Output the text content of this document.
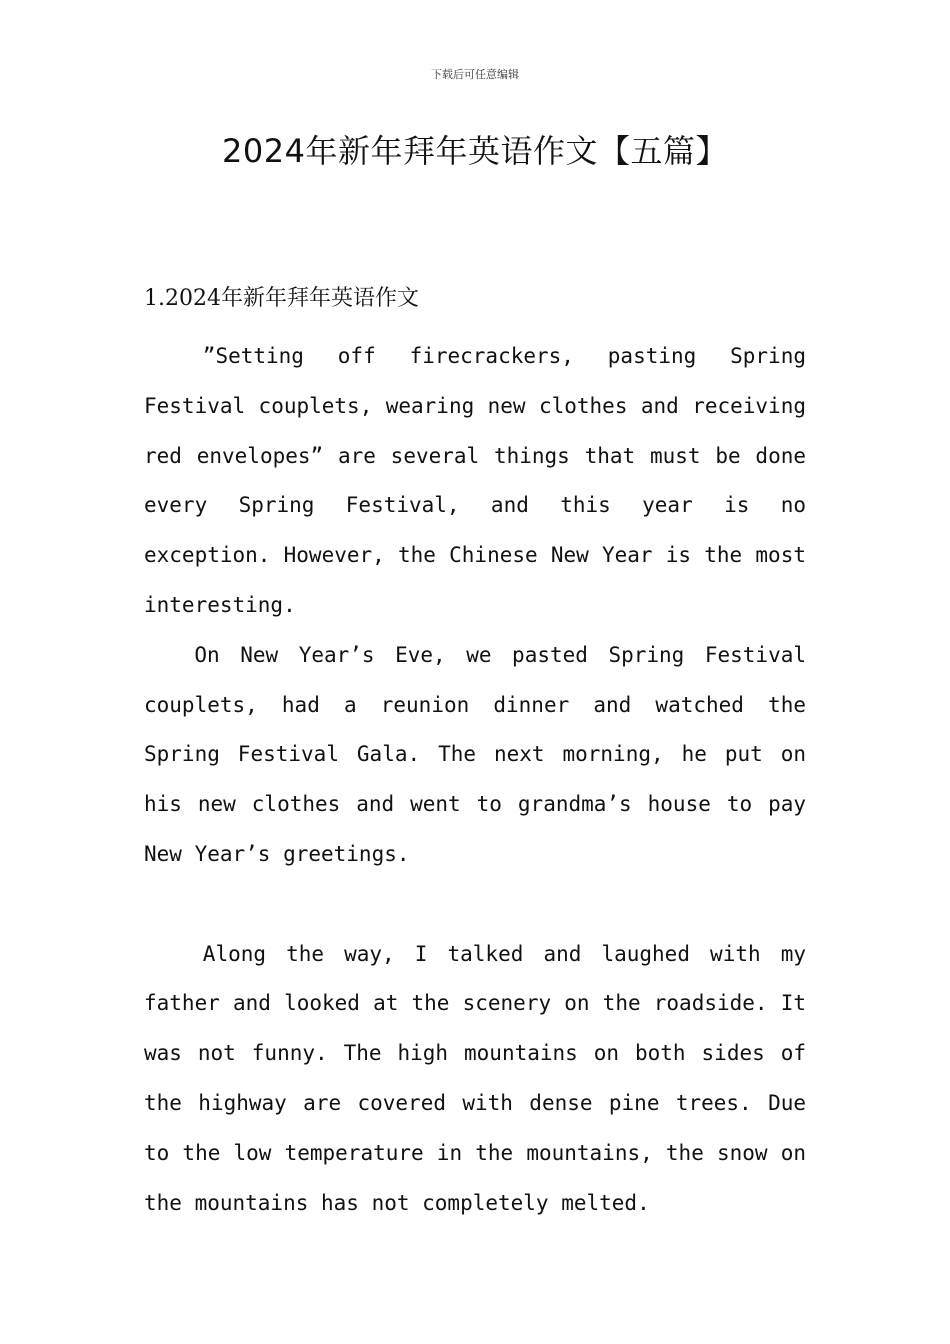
下载后可任意编辑
2024年新年拜年英语作文【五篇】
1.2024年新年拜年英语作文

”Setting off firecrackers, pasting Spring Festival couplets, wearing new clothes and receiving red envelopes” are several things that must be done every Spring Festival, and this year is no exception. However, the Chinese New Year is the most interesting.

On New Year’s Eve, we pasted Spring Festival couplets, had a reunion dinner and watched the Spring Festival Gala. The next morning, he put on his new clothes and went to grandma’s house to pay New Year’s greetings.

Along the way, I talked and laughed with my father and looked at the scenery on the roadside. It was not funny. The high mountains on both sides of the highway are covered with dense pine trees. Due to the low temperature in the mountains, the snow on the mountains has not completely melted.
